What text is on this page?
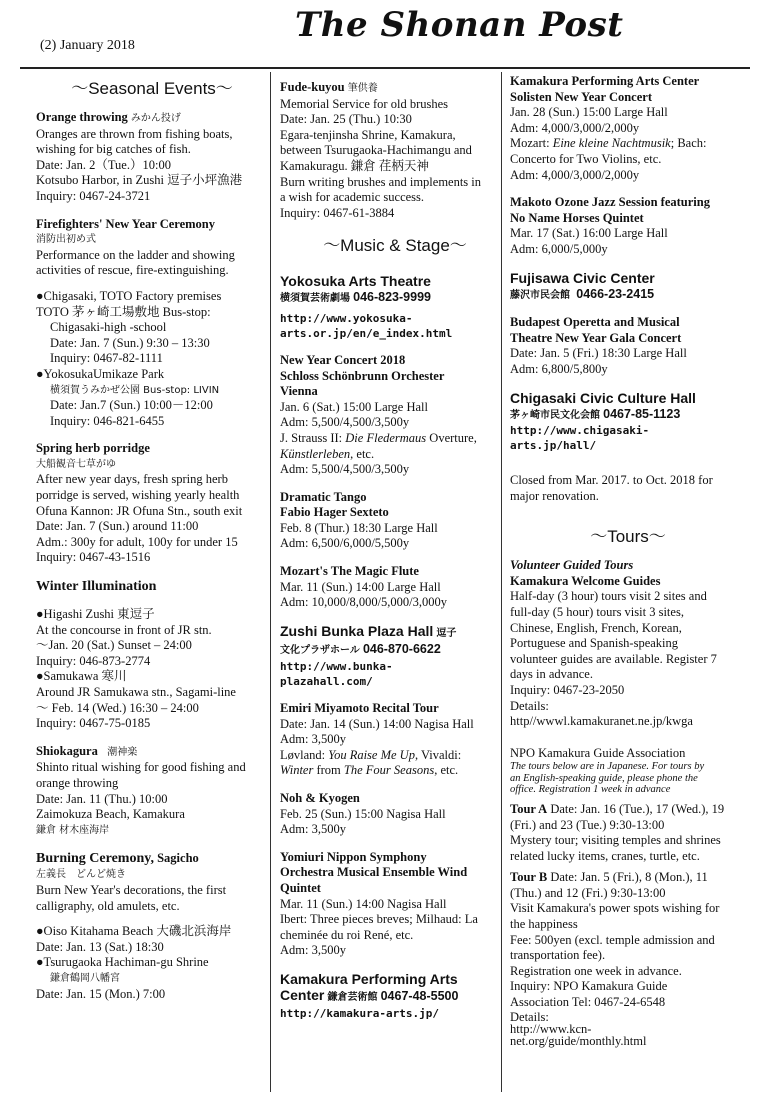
(2) January 2018
The Shonan Post
～Seasonal Events～

Orange throwing みかん投げ

Oranges are thrown from fishing boats,

wishing for big catches of fish.

Date: Jan. 2（Tue.）10:00

Kotsubo Harbor, in Zushi 逗子小坪漁港

Inquiry: 0467-24-3721

Firefighters' New Year Ceremony

消防出初め式

Performance on the ladder and showing

activities of rescue, fire-extinguishing.

●Chigasaki, TOTO Factory premises

TOTO 茅ヶ崎工場敷地 Bus-stop:

Chigasaki-high -school

Date: Jan. 7 (Sun.) 9:30 – 13:30

Inquiry: 0467-82-1111

●YokosukaUmikaze Park

横須賀うみかぜ公園 Bus-stop: LIVIN

Date: Jan.7 (Sun.) 10:00－12:00

Inquiry: 046-821-6455

Spring herb porridge

大船観音七草がゆ

After new year days, fresh spring herb

porridge is served, wishing yearly health

Ofuna Kannon: JR Ofuna Stn., south exit

Date: Jan. 7 (Sun.) around 11:00

Adm.: 300y for adult, 100y for under 15

Inquiry: 0467-43-1516

Winter Illumination

●Higashi Zushi 東逗子

At the concourse in front of JR stn.

～Jan. 20 (Sat.) Sunset – 24:00

Inquiry: 046-873-2774

●Samukawa 寒川

Around JR Samukawa stn., Sagami-line

～ Feb. 14 (Wed.) 16:30 – 24:00

Inquiry: 0467-75-0185

Shiokagura 潮神楽

Shinto ritual wishing for good fishing and

orange throwing

Date: Jan. 11 (Thu.) 10:00

Zaimokuza Beach, Kamakura

鎌倉 材木座海岸

Burning Ceremony, Sagicho

左義長　どんど焼き

Burn New Year's decorations, the first

calligraphy, old amulets, etc.

●Oiso Kitahama Beach 大磯北浜海岸

Date: Jan. 13 (Sat.) 18:30

●Tsurugaoka Hachiman-gu Shrine

鎌倉鶴岡八幡宮

Date: Jan. 15 (Mon.) 7:00

Fude-kuyou 筆供養

Memorial Service for old brushes

Date: Jan. 25 (Thu.) 10:30

Egara-tenjinsha Shrine, Kamakura,

between Tsurugaoka-Hachimangu and

Kamakuragu. 鎌倉 荏柄天神

Burn writing brushes and implements in

a wish for academic success.

Inquiry: 0467-61-3884

～Music & Stage～

Yokosuka Arts Theatre

横須賀芸術劇場 046-823-9999

http://www.yokosuka-

arts.or.jp/en/e_index.html

New Year Concert 2018

Schloss Schönbrunn Orchester

Vienna

Jan. 6 (Sat.) 15:00 Large Hall

Adm: 5,500/4,500/3,500y

J. Strauss II: Die Fledermaus Overture,

Künstlerleben, etc.

Adm: 5,500/4,500/3,500y

Dramatic Tango

Fabio Hager Sexteto

Feb. 8 (Thur.) 18:30 Large Hall

Adm: 6,500/6,000/5,500y

Mozart's The Magic Flute

Mar. 11 (Sun.) 14:00 Large Hall

Adm: 10,000/8,000/5,000/3,000y

Zushi Bunka Plaza Hall 逗子

文化プラザホール 046-870-6622

http://www.bunka-

plazahall.com/

Emiri Miyamoto Recital Tour

Date: Jan. 14 (Sun.) 14:00 Nagisa Hall

Adm: 3,500y

Løvland: You Raise Me Up, Vivaldi:

Winter from The Four Seasons, etc.

Noh & Kyogen

Feb. 25 (Sun.) 15:00 Nagisa Hall

Adm: 3,500y

Yomiuri Nippon Symphony

Orchestra Musical Ensemble Wind

Quintet

Mar. 11 (Sun.) 14:00 Nagisa Hall

Ibert: Three pieces breves; Milhaud: La

cheminée du roi René, etc.

Adm: 3,500y

Kamakura Performing Arts

Center 鎌倉芸術館 0467-48-5500

http://kamakura-arts.jp/

Kamakura Performing Arts Center

Solisten New Year Concert

Jan. 28 (Sun.) 15:00 Large Hall

Adm: 4,000/3,000/2,000y

Mozart: Eine kleine Nachtmusik; Bach:

Concerto for Two Violins, etc.

Adm: 4,000/3,000/2,000y

Makoto Ozone Jazz Session featuring

No Name Horses Quintet

Mar. 17 (Sat.) 16:00 Large Hall

Adm: 6,000/5,000y

Fujisawa Civic Center

藤沢市民会館 0466-23-2415

Budapest Operetta and Musical

Theatre New Year Gala Concert

Date: Jan. 5 (Fri.) 18:30 Large Hall

Adm: 6,800/5,800y

Chigasaki Civic Culture Hall

茅ヶ崎市民文化会館 0467-85-1123

http://www.chigasaki-

arts.jp/hall/

Closed from Mar. 2017. to Oct. 2018 for

major renovation.

～Tours～

Volunteer Guided Tours

Kamakura Welcome Guides

Half-day (3 hour) tours visit 2 sites and

full-day (5 hour) tours visit 3 sites,

Chinese, English, French, Korean,

Portuguese and Spanish-speaking

volunteer guides are available. Register 7

days in advance.

Inquiry: 0467-23-2050

Details:

http//wwwl.kamakuranet.ne.jp/kwga

NPO Kamakura Guide Association

The tours below are in Japanese. For tours by

an English-speaking guide, please phone the

office. Registration 1 week in advance

Tour A Date: Jan. 16 (Tue.), 17 (Wed.), 19

(Fri.) and 23 (Tue.) 9:30-13:00

Mystery tour; visiting temples and shrines

related lucky items, cranes, turtle, etc.

Tour B Date: Jan. 5 (Fri.), 8 (Mon.), 11

(Thu.) and 12 (Fri.) 9:30-13:00

Visit Kamakura's power spots wishing for

the happiness

Fee: 500yen (excl. temple admission and

transportation fee).

Registration one week in advance.

Inquiry: NPO Kamakura Guide

Association Tel: 0467-24-6548

Details:

http://www.kcn-

net.org/guide/monthly.html
